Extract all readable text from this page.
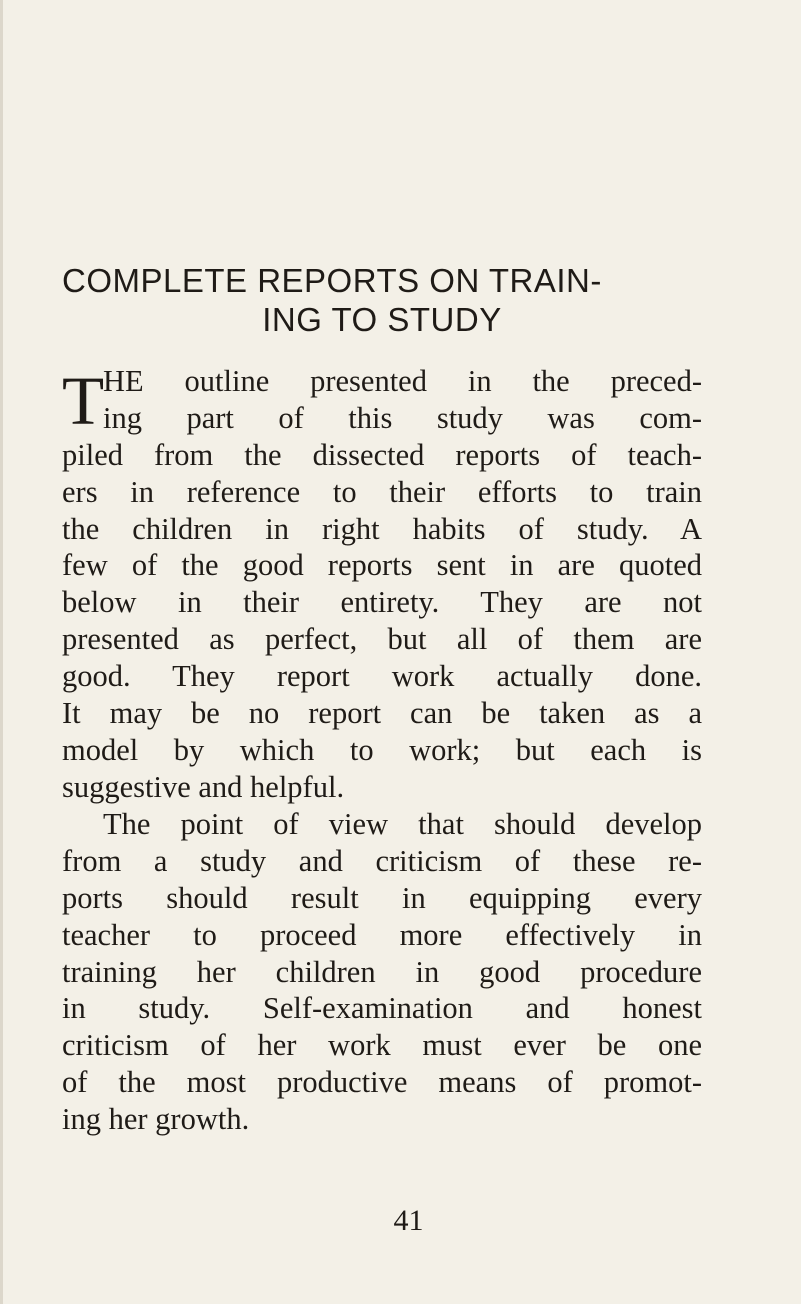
COMPLETE REPORTS ON TRAIN-
ING TO STUDY
T
HE outline presented in the preced-
ing part of this study was com-
piled from the dissected reports of teach-
ers in reference to their efforts to train
the children in right habits of study. A
few of the good reports sent in are quoted
below in their entirety. They are not
presented as perfect, but all of them are
good. They report work actually done.
It may be no report can be taken as a
model by which to work; but each is
suggestive and helpful.
The point of view that should develop
from a study and criticism of these re-
ports should result in equipping every
teacher to proceed more effectively in
training her children in good procedure
in study. Self-examination and honest
criticism of her work must ever be one
of the most productive means of promot-
ing her growth.

41
